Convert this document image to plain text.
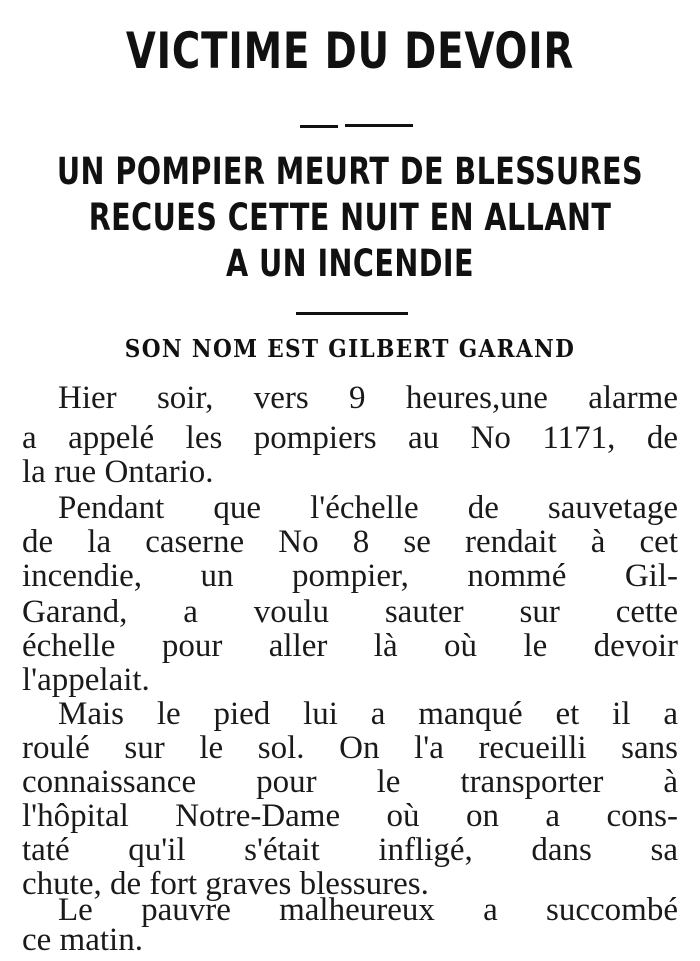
VICTIME DU DEVOIR
UN POMPIER MEURT DE BLESSURES
RECUES CETTE NUIT EN ALLANT
A UN INCENDIE
SON NOM EST GILBERT GARAND
Hier soir, vers 9 heures,une alarme
a appelé les pompiers au No 1171, de
la rue Ontario.
Pendant que l'échelle de sauvetage
de la caserne No 8 se rendait à cet
incendie, un pompier, nommé Gil-
Garand, a voulu sauter sur cette
échelle pour aller là où le devoir
l'appelait.
Mais le pied lui a manqué et il a
roulé sur le sol. On l'a recueilli sans
connaissance pour le transporter à
l'hôpital Notre-Dame où on a cons-
taté qu'il s'était infligé, dans sa
chute, de fort graves blessures.
Le pauvre malheureux a succombé
ce matin.
